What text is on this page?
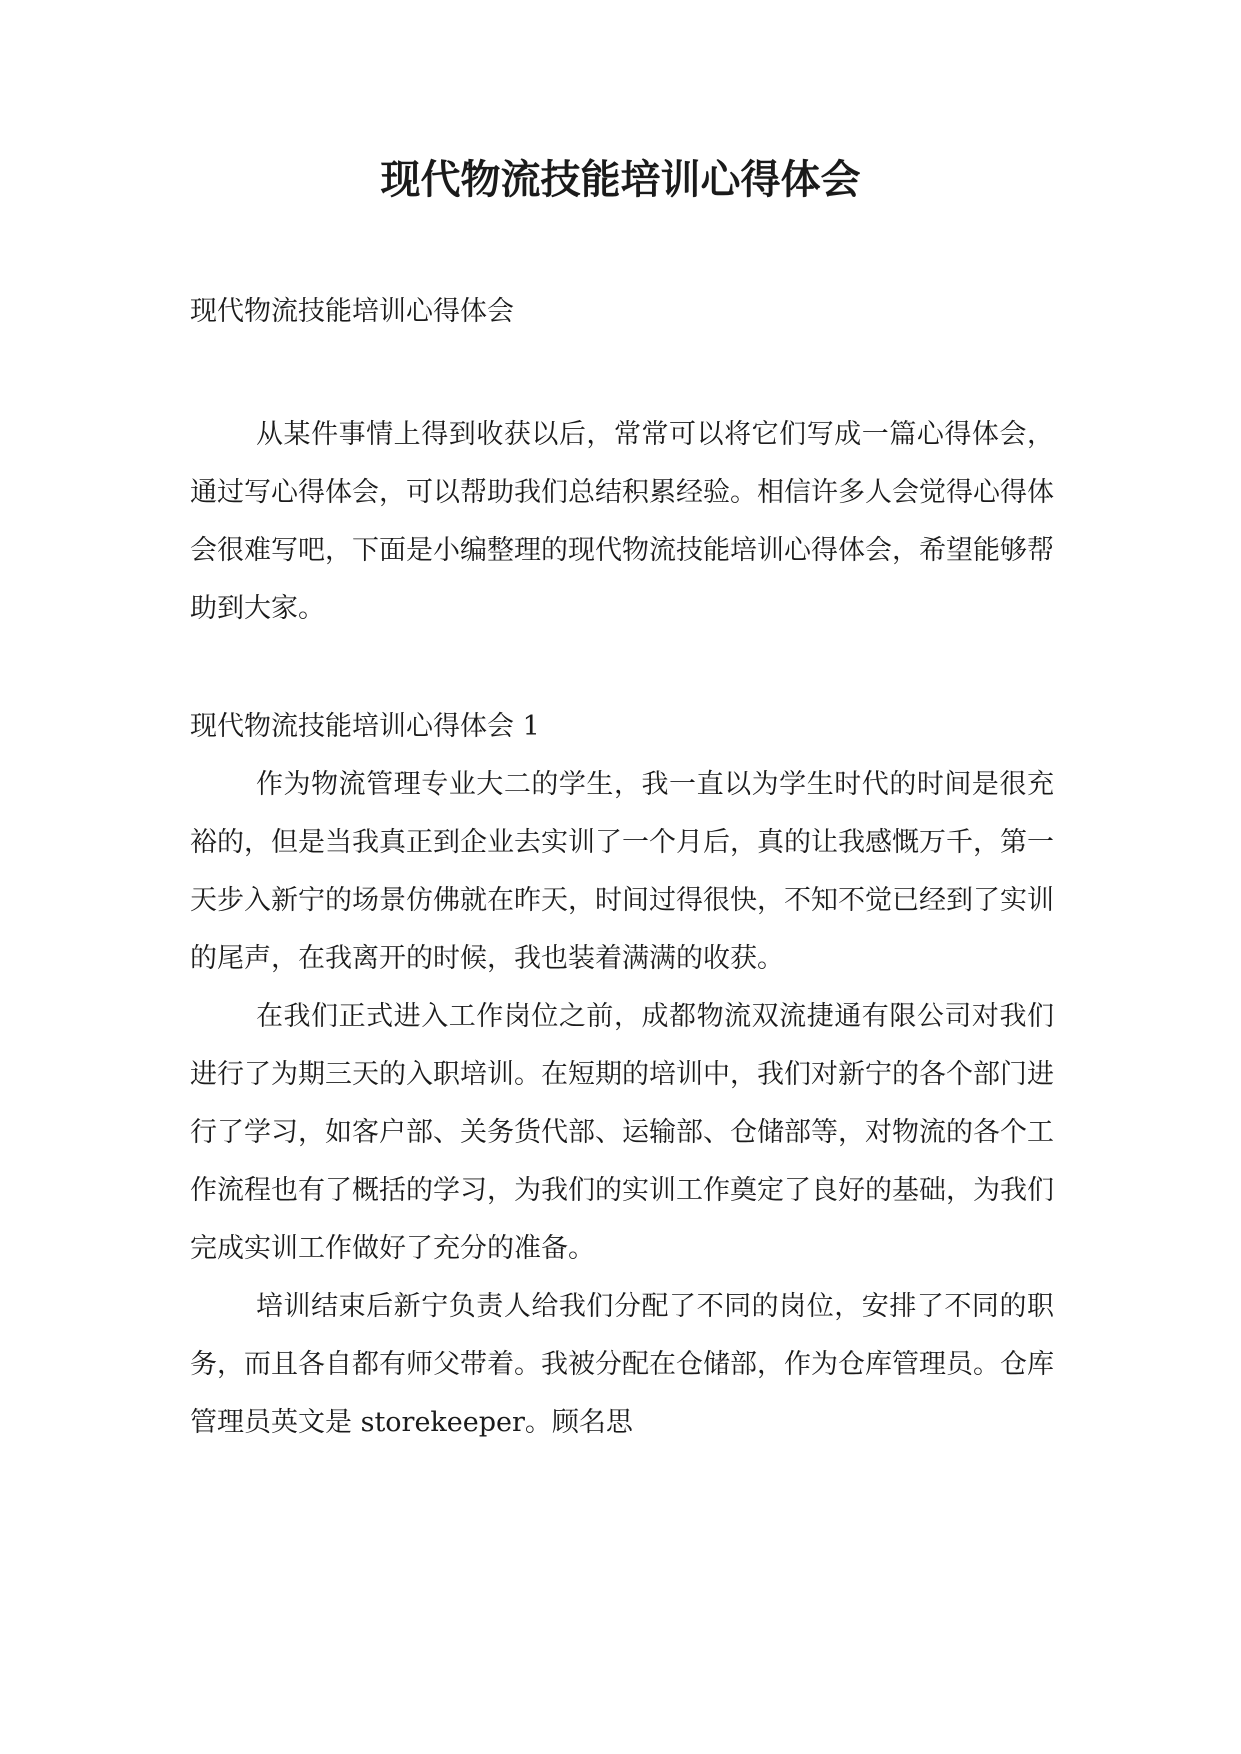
现代物流技能培训心得体会

现代物流技能培训心得体会

从某件事情上得到收获以后，常常可以将它们写成一篇心得体会，通过写心得体会，可以帮助我们总结积累经验。相信许多人会觉得心得体会很难写吧，下面是小编整理的现代物流技能培训心得体会，希望能够帮助到大家。

现代物流技能培训心得体会 1

作为物流管理专业大二的学生，我一直以为学生时代的时间是很充裕的，但是当我真正到企业去实训了一个月后，真的让我感慨万千，第一天步入新宁的场景仿佛就在昨天，时间过得很快，不知不觉已经到了实训的尾声，在我离开的时候，我也装着满满的收获。

在我们正式进入工作岗位之前，成都物流双流捷通有限公司对我们进行了为期三天的入职培训。在短期的培训中，我们对新宁的各个部门进行了学习，如客户部、关务货代部、运输部、仓储部等，对物流的各个工作流程也有了概括的学习，为我们的实训工作奠定了良好的基础，为我们完成实训工作做好了充分的准备。

培训结束后新宁负责人给我们分配了不同的岗位，安排了不同的职务，而且各自都有师父带着。我被分配在仓储部，作为仓库管理员。仓库管理员英文是 storekeeper。顾名思
